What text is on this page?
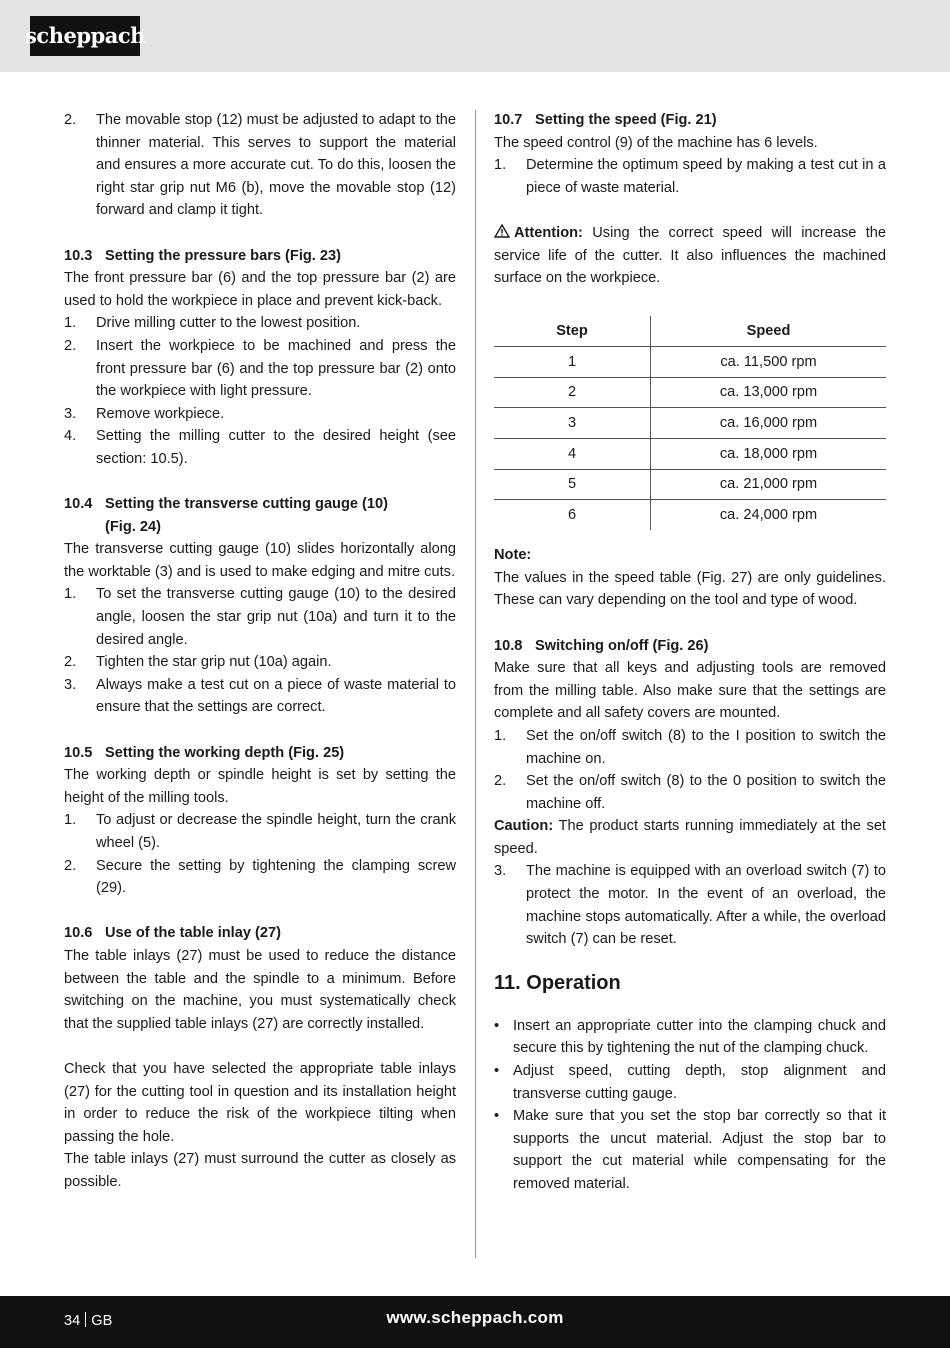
scheppach
2.	The movable stop (12) must be adjusted to adapt to the thinner material. This serves to support the material and ensures a more accurate cut. To do this, loosen the right star grip nut M6 (b), move the movable stop (12) forward and clamp it tight.
10.3 Setting the pressure bars (Fig. 23)

The front pressure bar (6) and the top pressure bar (2) are used to hold the workpiece in place and prevent kick-back.

1.	Drive milling cutter to the lowest position.
2.	Insert the workpiece to be machined and press the front pressure bar (6) and the top pressure bar (2) onto the workpiece with light pressure.
3.	Remove workpiece.
4.	Setting the milling cutter to the desired height (see section: 10.5).
10.4 Setting the transverse cutting gauge (10)
(Fig. 24)

The transverse cutting gauge (10) slides horizontally along the worktable (3) and is used to make edging and mitre cuts.

1.	To set the transverse cutting gauge (10) to the desired angle, loosen the star grip nut (10a) and turn it to the desired angle.
2.	Tighten the star grip nut (10a) again.
3.	Always make a test cut on a piece of waste material to ensure that the settings are correct.
10.5 Setting the working depth (Fig. 25)

The working depth or spindle height is set by setting the height of the milling tools.

1.	To adjust or decrease the spindle height, turn the crank wheel (5).
2.	Secure the setting by tightening the clamping screw (29).
10.6 Use of the table inlay (27)

The table inlays (27) must be used to reduce the distance between the table and the spindle to a minimum. Before switching on the machine, you must systematically check that the supplied table inlays (27) are correctly installed.

Check that you have selected the appropriate table inlays (27) for the cutting tool in question and its installation height in order to reduce the risk of the workpiece tilting when passing the hole.

The table inlays (27) must surround the cutter as closely as possible.

10.7 Setting the speed (Fig. 21)

The speed control (9) of the machine has 6 levels.

1.	Determine the optimum speed by making a test cut in a piece of waste material.

Attention: Using the correct speed will increase the service life of the cutter. It also influences the machined surface on the workpiece.

Step	Speed
1	ca. 11,500 rpm
2	ca. 13,000 rpm
3	ca. 16,000 rpm
4	ca. 18,000 rpm
5	ca. 21,000 rpm
6	ca. 24,000 rpm

Note:

The values in the speed table (Fig. 27) are only guidelines. These can vary depending on the tool and type of wood.

10.8 Switching on/off (Fig. 26)

Make sure that all keys and adjusting tools are removed from the milling table. Also make sure that the settings are complete and all safety covers are mounted.

1.	Set the on/off switch (8) to the I position to switch the machine on.
2.	Set the on/off switch (8) to the 0 position to switch the machine off.

Caution: The product starts running immediately at the set speed.

3.	The machine is equipped with an overload switch (7) to protect the motor. In the event of an overload, the machine stops automatically. After a while, the overload switch (7) can be reset.
11. Operation
• Insert an appropriate cutter into the clamping chuck and secure this by tightening the nut of the clamping chuck.
• Adjust speed, cutting depth, stop alignment and transverse cutting gauge.
• Make sure that you set the stop bar correctly so that it supports the uncut material. Adjust the stop bar to support the cut material while compensating for the removed material.
34 GB	www.scheppach.com
